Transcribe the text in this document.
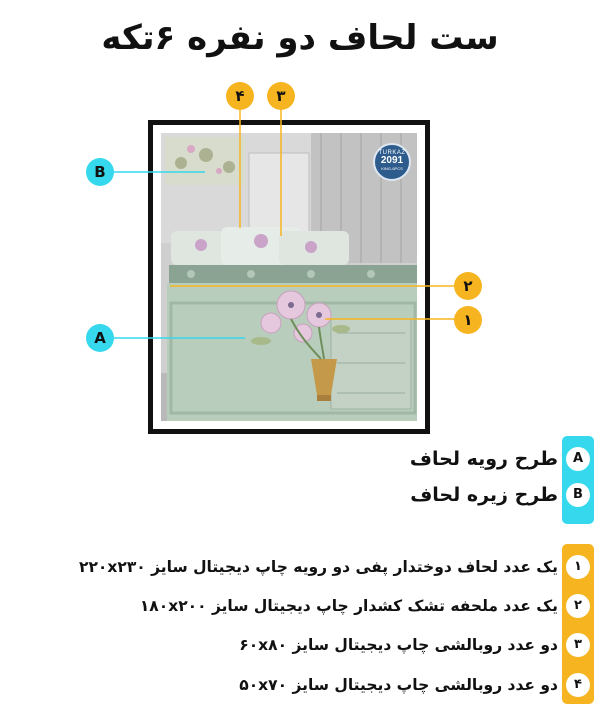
ست لحاف دو نفره ۶تکه
TURKAZ
2091
KING-6PCS
۴	۳
۲
۱
B
A
A
طرح رویه لحاف
B
طرح زیره لحاف
۱
یک عدد لحاف دوختدار پفی دو رویه چاپ دیجیتال سایز ۲۲۰x۲۳۰
۲
یک عدد ملحفه تشک کشدار چاپ دیجیتال سایز ۱۸۰x۲۰۰
۳
دو عدد روبالشی چاپ دیجیتال سایز ۶۰x۸۰
۴
دو عدد روبالشی چاپ دیجیتال سایز ۵۰x۷۰
